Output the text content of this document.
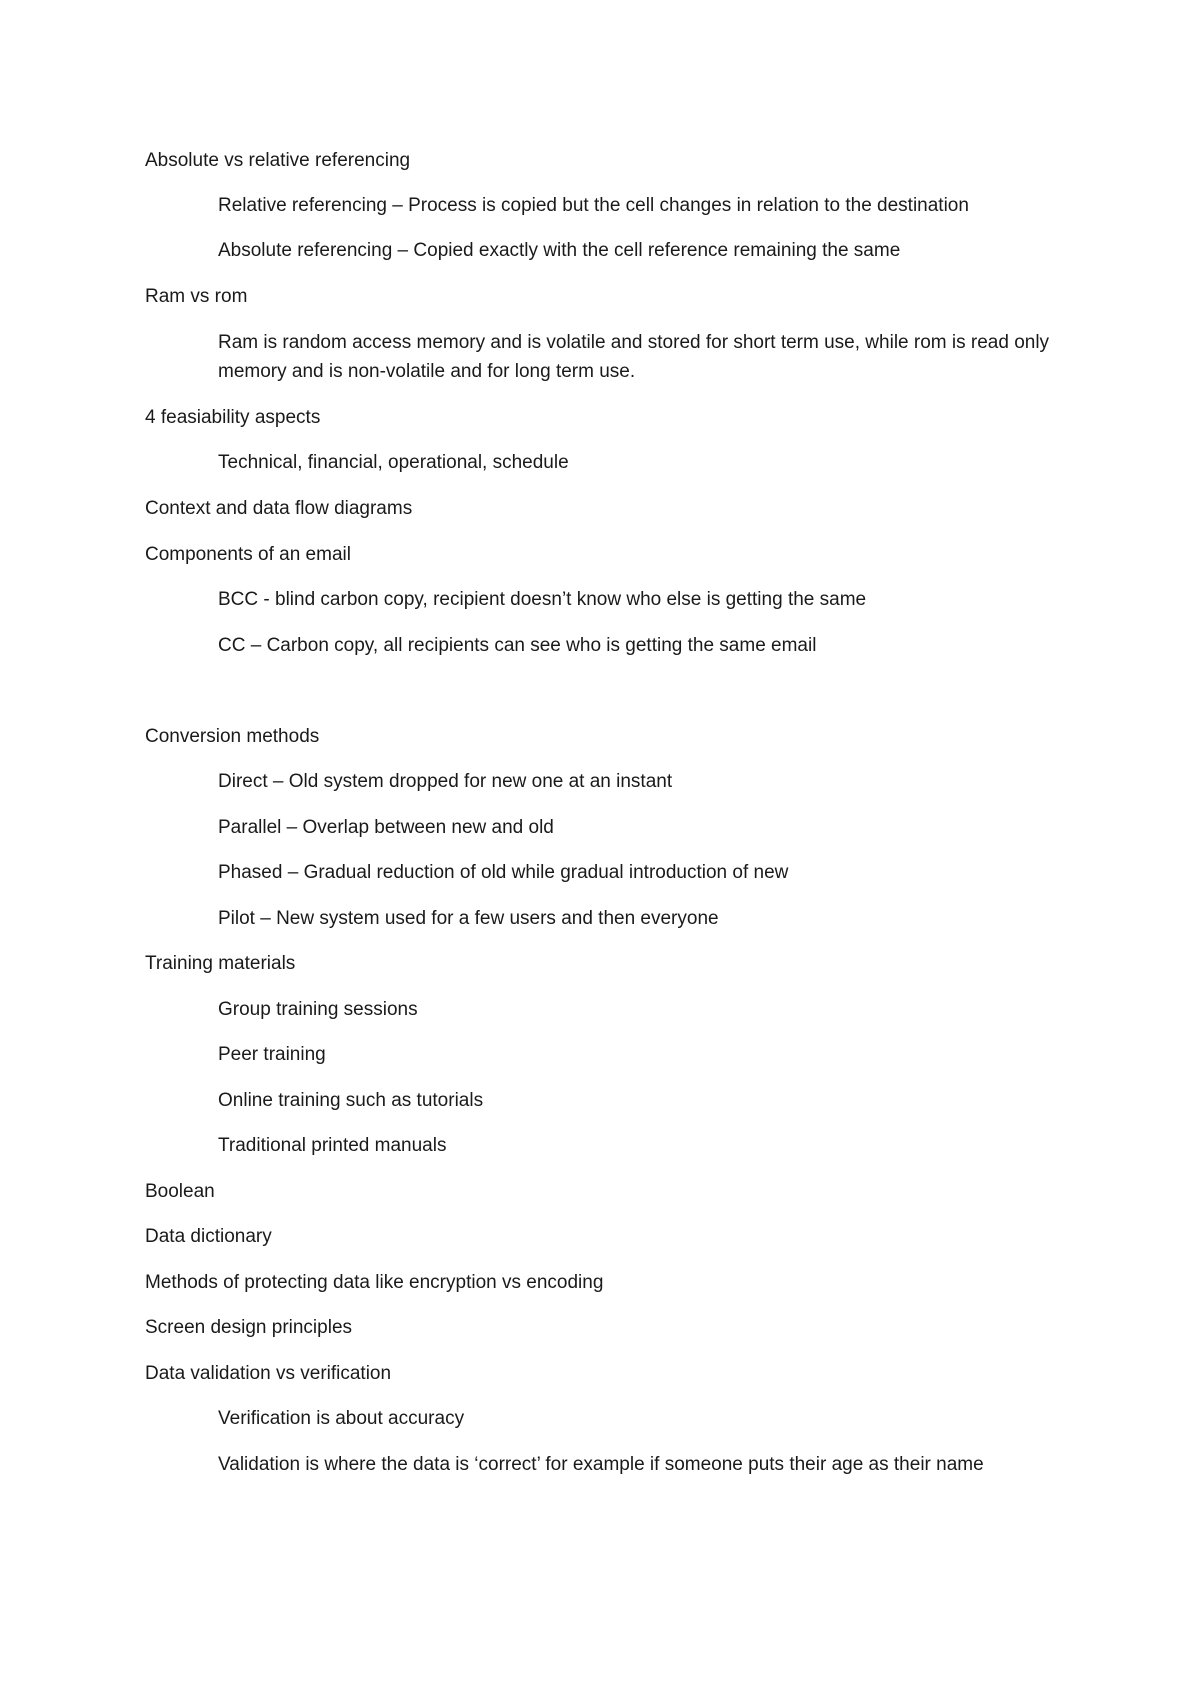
Absolute vs relative referencing

Relative referencing – Process is copied but the cell changes in relation to the destination

Absolute referencing – Copied exactly with the cell reference remaining the same

Ram vs rom

Ram is random access memory and is volatile and stored for short term use, while rom is read only memory and is non-volatile and for long term use.

4 feasiability aspects

Technical, financial, operational, schedule

Context and data flow diagrams

Components of an email

BCC - blind carbon copy, recipient doesn’t know who else is getting the same

CC – Carbon copy, all recipients can see who is getting the same email

Conversion methods

Direct – Old system dropped for new one at an instant

Parallel – Overlap between new and old

Phased – Gradual reduction of old while gradual introduction of new

Pilot – New system used for a few users and then everyone

Training materials

Group training sessions

Peer training

Online training such as tutorials

Traditional printed manuals

Boolean

Data dictionary

Methods of protecting data like encryption vs encoding

Screen design principles

Data validation vs verification

Verification is about accuracy

Validation is where the data is ‘correct’ for example if someone puts their age as their name
